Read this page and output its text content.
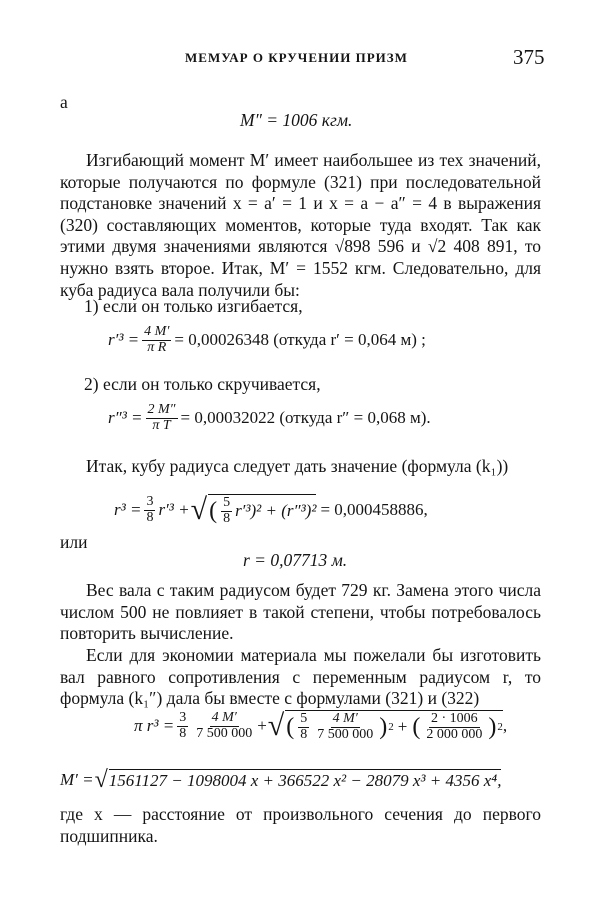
МЕМУАР О КРУЧЕНИИ ПРИЗМ	375
а
M″ = 1006 кгм.
Изгибающий момент M′ имеет наибольшее из тех значений, которые получаются по формуле (321) при последовательной подстановке значений x = a′ = 1 и x = a − a″ = 4 в выражения (320) составляющих моментов, которые туда входят. Так как этими двумя значениями являются √898 596 и √2 408 891, то нужно взять второе. Итак, M′ = 1552 кгм. Следовательно, для куба радиуса вала получили бы:
1) если он только изгибается,
$r'^3 = \frac{4 M'}{\text{π R}} = 0,00026348$ (откуда r′ = 0,064 м) ;
2) если он только скручивается,
$r''^3 = \frac{2 M''}{\text{π T}} = 0,00032022$ (откуда r″ = 0,068 м).
Итак, кубу радиуса следует дать значение (формула (k₁))
$r^3 = \frac{3}{8} r'^3$ + √ ( $\frac{5}{8} r'^3)^2 + (r''^3)^2 = 0,000458886$,
или
r = 0,07713 м.
Вес вала с таким радиусом будет 729 кг. Замена этого числа числом 500 не повлияет в такой степени, чтобы потребовалось повторить вычисление.
Если для экономии материала мы пожелали бы изготовить вал равного сопротивления с переменным радиусом r, то формула (k₁″) дала бы вместе с формулами (321) и (322)
π $r^3 = \frac{3}{8} \frac{4 M'}{7 500 000}$ + √ ( $\frac{5}{8} \frac{4 M'}{7 500 000}$ ) 2 + ( $\frac{2 \cdot 1006}{2 000 000}$ ) 2 ,
M′ = √ 1561127 − 1098004 x + 366522 x² − 28079 x³ + 4356 x⁴,
где x — расстояние от произвольного сечения до первого подшипника.
